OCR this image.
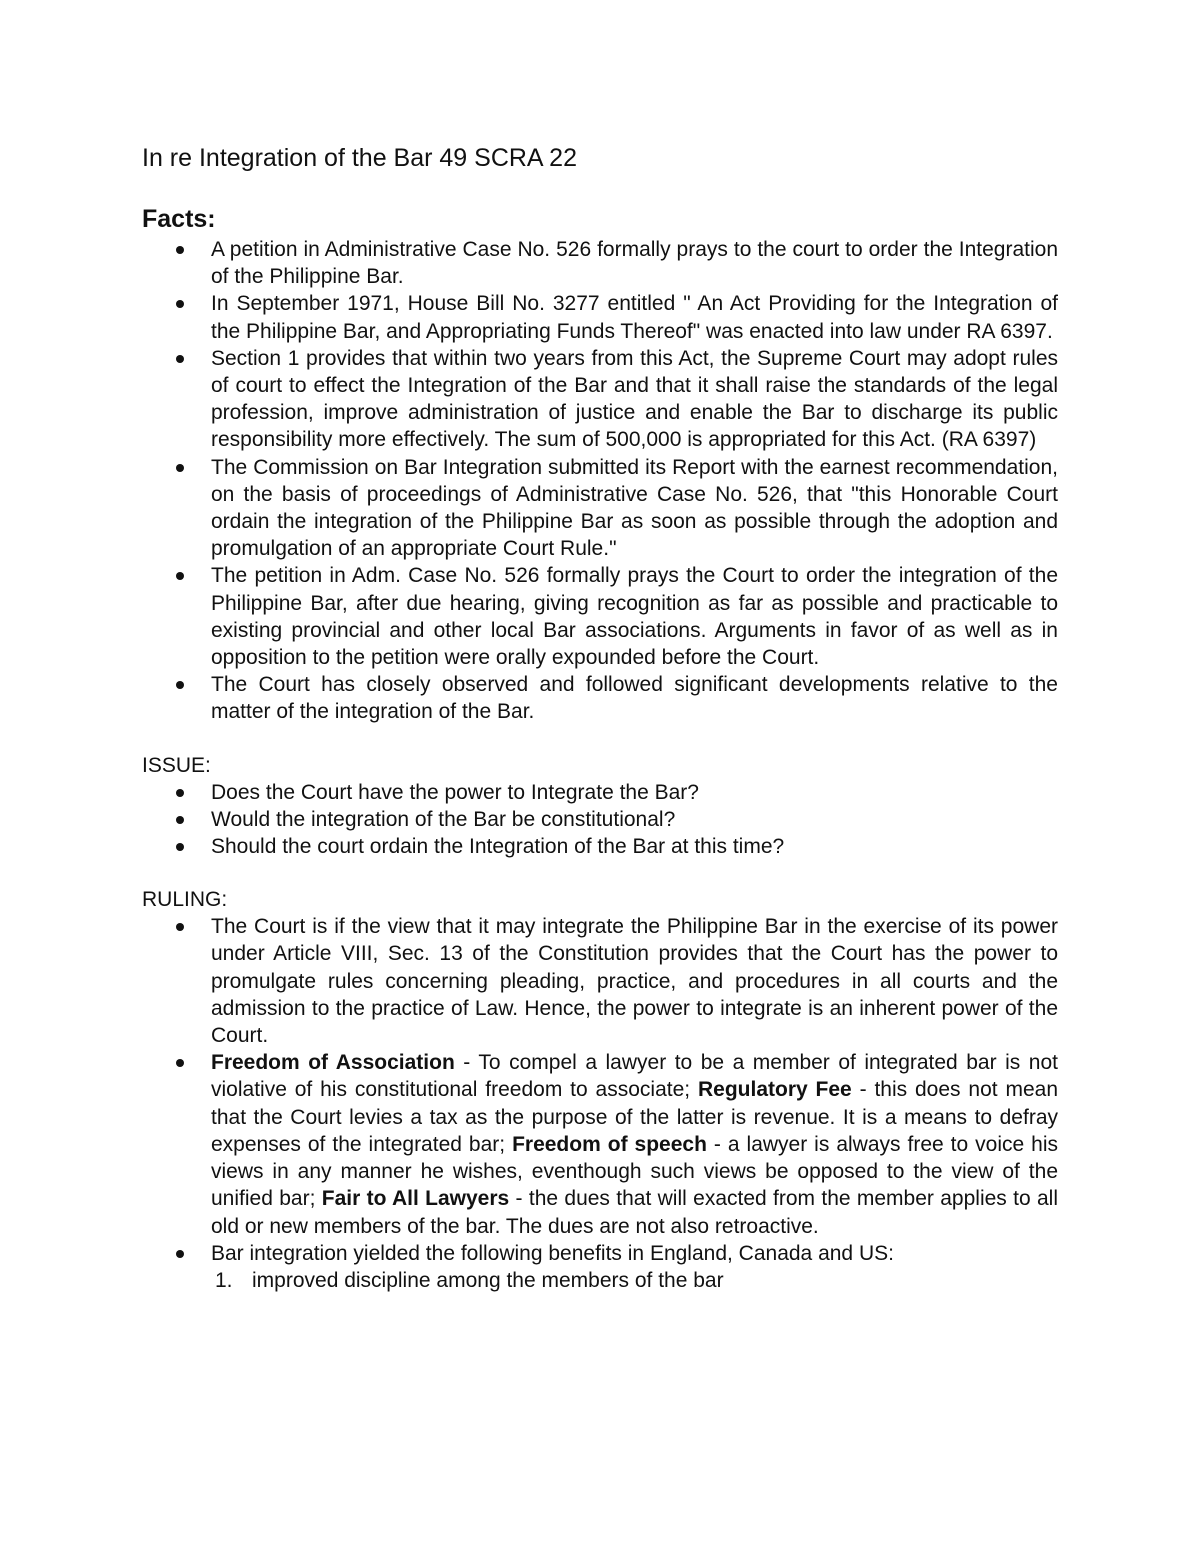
In re Integration of the Bar 49 SCRA 22
Facts:
A petition in Administrative Case No. 526 formally prays to the court to order the Integration of the Philippine Bar.
In September 1971, House Bill No. 3277 entitled " An Act Providing for the Integration of the Philippine Bar, and Appropriating Funds Thereof" was enacted into law under RA 6397.
Section 1 provides that within two years from this Act, the Supreme Court may adopt rules of court to effect the Integration of the Bar and that it shall raise the standards of the legal profession, improve administration of justice and enable the Bar to discharge its public responsibility more effectively. The sum of 500,000 is appropriated for this Act. (RA 6397)
The Commission on Bar Integration submitted its Report with the earnest recommendation, on the basis of proceedings of Administrative Case No. 526, that "this Honorable Court ordain the integration of the Philippine Bar as soon as possible through the adoption and promulgation of an appropriate Court Rule."
The petition in Adm. Case No. 526 formally prays the Court to order the integration of the Philippine Bar, after due hearing, giving recognition as far as possible and practicable to existing provincial and other local Bar associations. Arguments in favor of as well as in opposition to the petition were orally expounded before the Court.
The Court has closely observed and followed significant developments relative to the matter of the integration of the Bar.
ISSUE:
Does the Court have the power to Integrate the Bar?
Would the integration of the Bar be constitutional?
Should the court ordain the Integration of the Bar at this time?
RULING:
The Court is if the view that it may integrate the Philippine Bar in the exercise of its power under Article VIII, Sec. 13 of the Constitution provides that the Court has the power to promulgate rules concerning pleading, practice, and procedures in all courts and the admission to the practice of Law. Hence, the power to integrate is an inherent power of the Court.
Freedom of Association - To compel a lawyer to be a member of integrated bar is not violative of his constitutional freedom to associate; Regulatory Fee - this does not mean that the Court levies a tax as the purpose of the latter is revenue. It is a means to defray expenses of the integrated bar; Freedom of speech - a lawyer is always free to voice his views in any manner he wishes, eventhough such views be opposed to the view of the unified bar; Fair to All Lawyers - the dues that will exacted from the member applies to all old or new members of the bar. The dues are not also retroactive.
Bar integration yielded the following benefits in England, Canada and US:
1. improved discipline among the members of the bar
